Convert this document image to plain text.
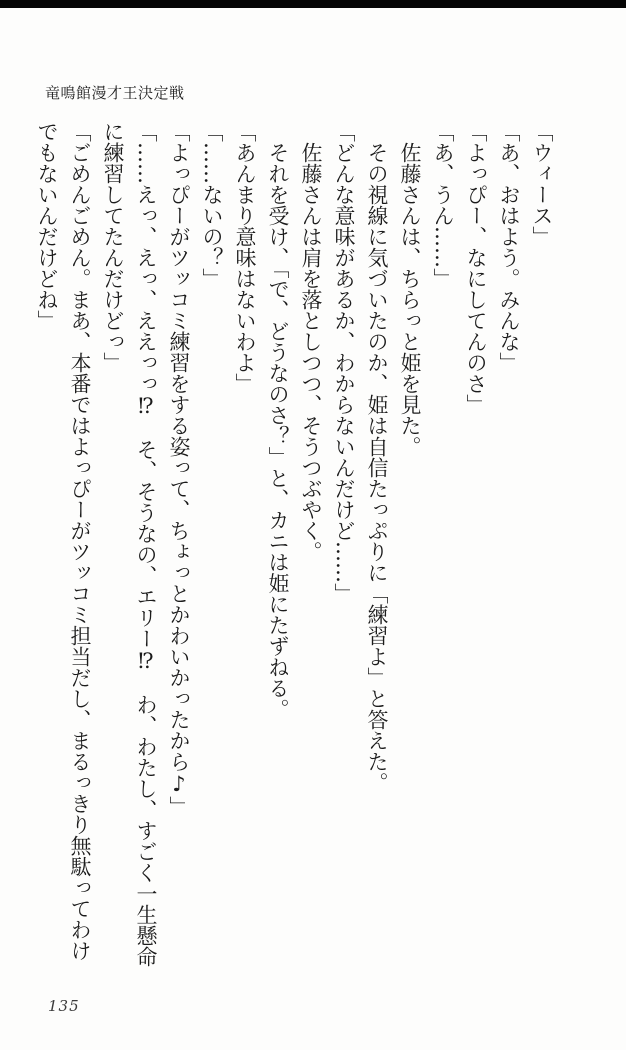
竜鳴館漫才王決定戦

「ウィース」

「あ、おはよう。みんな」

「よっぴー、なにしてんのさ」

「あ、うん……」

佐藤さんは、ちらっと姫を見た。

その視線に気づいたのか、姫は自信たっぷりに「練習よ」と答えた。

「どんな意味があるか、わからないんだけど……」

佐藤さんは肩を落としつつ、そうつぶやく。

それを受け、「で、どうなのさ？」と、カニは姫にたずねる。

「あんまり意味はないわよ」

「……ないの？」

「よっぴーがツッコミ練習をする姿って、ちょっとかわいかったから♪」

「……えっ、えっ、ええっっ⁉　そ、そうなの、エリー⁉　わ、わたし、すごく一生懸命

に練習してたんだけどっ」

「ごめんごめん。まあ、本番ではよっぴーがツッコミ担当だし、まるっきり無駄ってわけ

でもないんだけどね」

135
